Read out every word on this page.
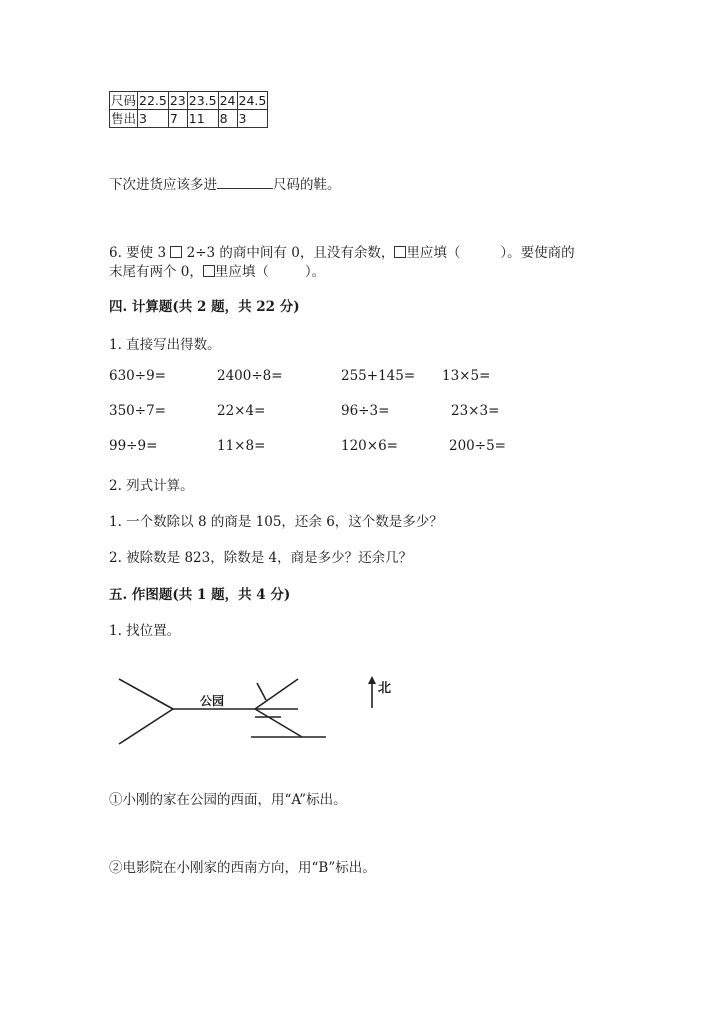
尺码	22.5	23	23.5	24	24.5
售出	3	7	11	8	3
下次进货应该多进	尺码的鞋。
6. 要使 3 2÷3 的商中间有 0，且没有余数， 里应填（	）。要使商的
末尾有两个 0， 里应填（	）。
四. 计算题(共 2 题，共 22 分)
1. 直接写出得数。
630÷9=	2400÷8=	255+145= 13×5=
350÷7=	22×4=	96÷3=	23×3=
99÷9=	11×8=	120×6=	200÷5=
2. 列式计算。
1. 一个数除以 8 的商是 105，还余 6，这个数是多少？
2. 被除数是 823，除数是 4，商是多少？还余几？
五. 作图题(共 1 题，共 4 分)
1. 找位置。
公园
北
①小刚的家在公园的西面，用“A”标出。
②电影院在小刚家的西南方向，用“B”标出。
